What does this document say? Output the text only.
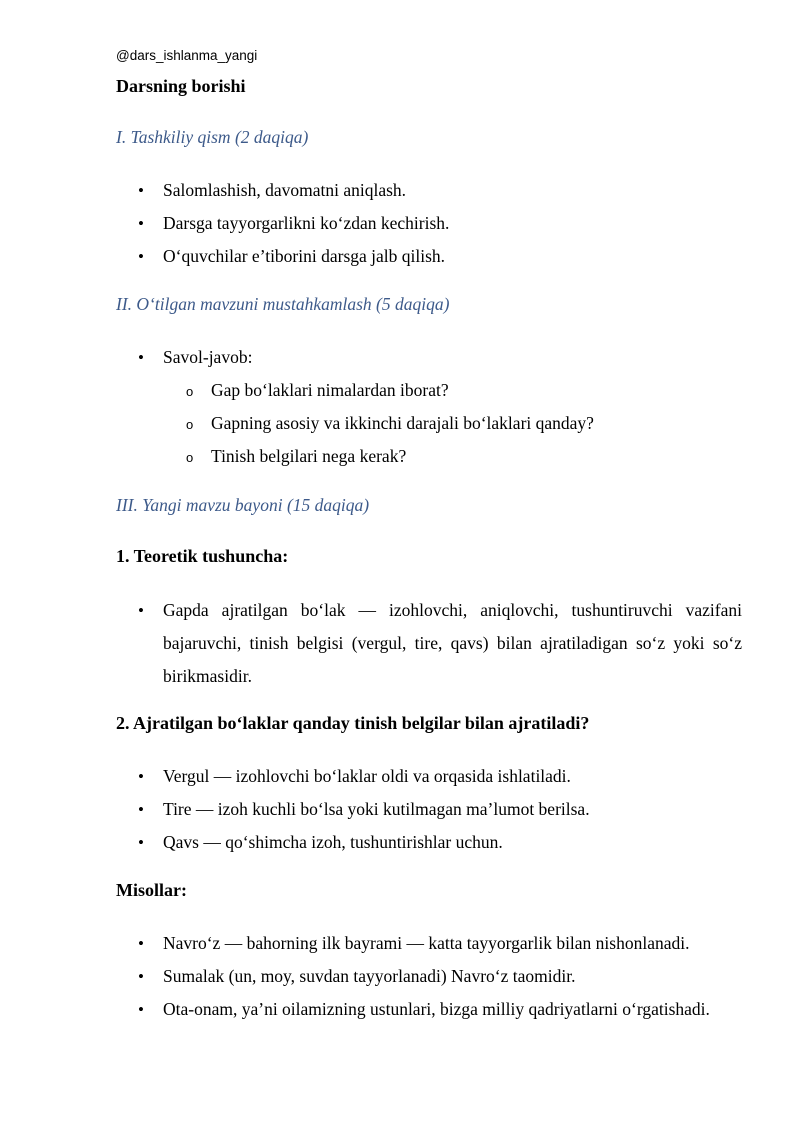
@dars_ishlanma_yangi
Darsning borishi
I. Tashkiliy qism (2 daqiqa)
• Salomlashish, davomatni aniqlash.
• Darsga tayyorgarlikni ko‘zdan kechirish.
• O‘quvchilar e’tiborini darsga jalb qilish.
II. O‘tilgan mavzuni mustahkamlash (5 daqiqa)
• Savol-javob:
o Gap bo‘laklari nimalardan iborat?
o Gapning asosiy va ikkinchi darajali bo‘laklari qanday?
o Tinish belgilari nega kerak?
III. Yangi mavzu bayoni (15 daqiqa)
1. Teoretik tushuncha:
• Gapda ajratilgan bo‘lak — izohlovchi, aniqlovchi, tushuntiruvchi vazifani bajaruvchi, tinish belgisi (vergul, tire, qavs) bilan ajratiladigan so‘z yoki so‘z birikmasidir.
2. Ajratilgan bo‘laklar qanday tinish belgilar bilan ajratiladi?
• Vergul — izohlovchi bo‘laklar oldi va orqasida ishlatiladi.
• Tire — izoh kuchli bo‘lsa yoki kutilmagan ma’lumot berilsa.
• Qavs — qo‘shimcha izoh, tushuntirishlar uchun.
Misollar:
• Navro‘z — bahorning ilk bayrami — katta tayyorgarlik bilan nishonlanadi.
• Sumalak (un, moy, suvdan tayyorlanadi) Navro‘z taomidir.
• Ota-onam, ya’ni oilamizning ustunlari, bizga milliy qadriyatlarni o‘rgatishadi.
